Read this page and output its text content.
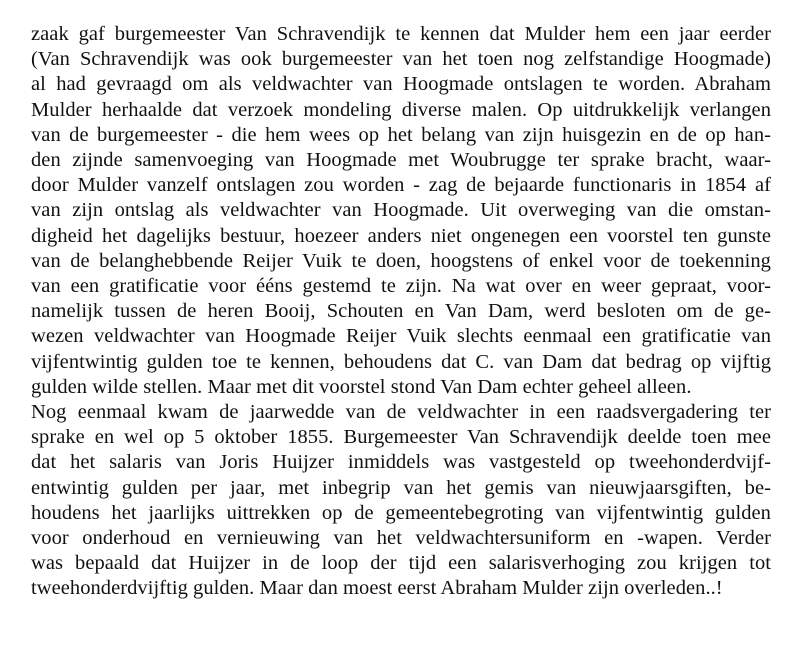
zaak gaf burgemeester Van Schravendijk te kennen dat Mulder hem een jaar eerder
(Van Schravendijk was ook burgemeester van het toen nog zelfstandige Hoogmade)
al had gevraagd om als veldwachter van Hoogmade ontslagen te worden. Abraham
Mulder herhaalde dat verzoek mondeling diverse malen. Op uitdrukkelijk verlangen
van de burgemeester - die hem wees op het belang van zijn huisgezin en de op han-
den zijnde samenvoeging van Hoogmade met Woubrugge ter sprake bracht, waar-
door Mulder vanzelf ontslagen zou worden - zag de bejaarde functionaris in 1854 af
van zijn ontslag als veldwachter van Hoogmade. Uit overweging van die omstan-
digheid het dagelijks bestuur, hoezeer anders niet ongenegen een voorstel ten gunste
van de belanghebbende Reijer Vuik te doen, hoogstens of enkel voor de toekenning
van een gratificatie voor ééns gestemd te zijn. Na wat over en weer gepraat, voor-
namelijk tussen de heren Booij, Schouten en Van Dam, werd besloten om de ge-
wezen veldwachter van Hoogmade Reijer Vuik slechts eenmaal een gratificatie van
vijfentwintig gulden toe te kennen, behoudens dat C. van Dam dat bedrag op vijftig
gulden wilde stellen. Maar met dit voorstel stond Van Dam echter geheel alleen.
Nog eenmaal kwam de jaarwedde van de veldwachter in een raadsvergadering ter
sprake en wel op 5 oktober 1855. Burgemeester Van Schravendijk deelde toen mee
dat het salaris van Joris Huijzer inmiddels was vastgesteld op tweehonderdvijf-
entwintig gulden per jaar, met inbegrip van het gemis van nieuwjaarsgiften, be-
houdens het jaarlijks uittrekken op de gemeentebegroting van vijfentwintig gulden
voor onderhoud en vernieuwing van het veldwachtersuniform en -wapen. Verder
was bepaald dat Huijzer in de loop der tijd een salarisverhoging zou krijgen tot
tweehonderdvijftig gulden. Maar dan moest eerst Abraham Mulder zijn overleden..!
